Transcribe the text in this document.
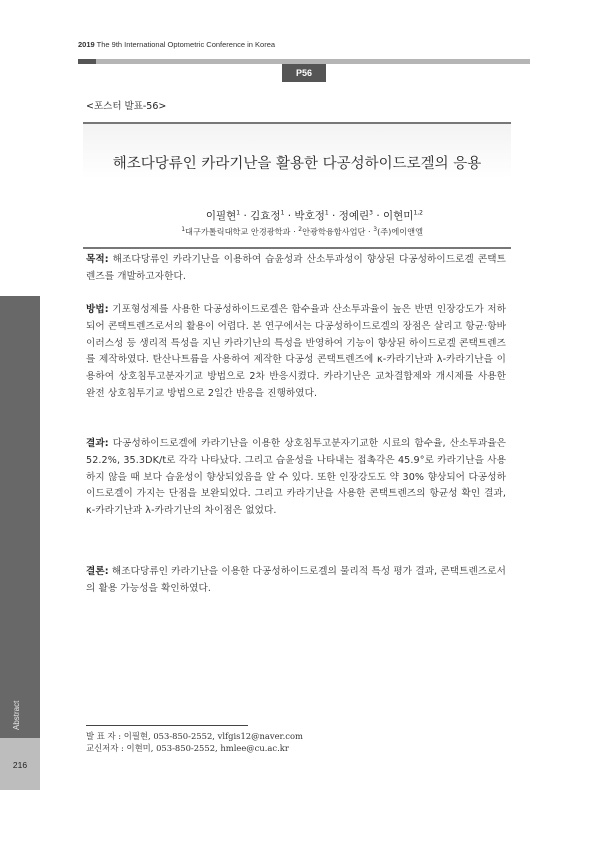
2019 The 9th International Optometric Conference in Korea
P56
<포스터 발표-56>
해조다당류인 카라기난을 활용한 다공성하이드로겔의 응용
이필현$^1$ · 김효정$^1$ · 박호정$^1$ · 정예린$^3$ · 이현미$^{1,2}$
$^1$대구가톨릭대학교 안경광학과 · $^2$안광학융합사업단 · $^3$(주)에이앤엘
목적: 해조다당류인 카라기난을 이용하여 습윤성과 산소투과성이 향상된 다공성하이드로겔 콘택트렌즈를 개발하고자한다.
방법: 기포형성제를 사용한 다공성하이드로겔은 함수율과 산소투과율이 높은 반면 인장강도가 저하되어 콘택트렌즈로서의 활용이 어렵다. 본 연구에서는 다공성하이드로겔의 장점은 살리고 항균·항바이러스성 등 생리적 특성을 지닌 카라기난의 특성을 반영하여 기능이 향상된 하이드로겔 콘택트렌즈를 제작하였다. 탄산나트륨을 사용하여 제작한 다공성 콘택트렌즈에 κ-카라기난과 λ-카라기난을 이용하여 상호침투고분자기교 방법으로 2차 반응시켰다. 카라기난은 교차결합제와 개시제를 사용한 완전 상호침투기교 방법으로 2일간 반응을 진행하였다.
결과: 다공성하이드로겔에 카라기난을 이용한 상호침투고분자기교한 시료의 함수율, 산소투과율은 52.2%, 35.3DK/t로 각각 나타났다. 그리고 습윤성을 나타내는 접촉각은 45.9°로 카라기난을 사용하지 않을 때 보다 습윤성이 향상되었음을 알 수 있다. 또한 인장강도도 약 30% 향상되어 다공성하이드로겔이 가지는 단점을 보완되었다. 그리고 카라기난을 사용한 콘택트렌즈의 항균성 확인 결과, κ-카라기난과 λ-카라기난의 차이점은 없었다.
결론: 해조다당류인 카라기난을 이용한 다공성하이드로겔의 물리적 특성 평가 결과, 콘택트렌즈로서의 활용 가능성을 확인하였다.
Abstract
216
발 표 자 : 이필현, 053-850-2552, vlfgis12@naver.com
교신저자 : 이현미, 053-850-2552, hmlee@cu.ac.kr
